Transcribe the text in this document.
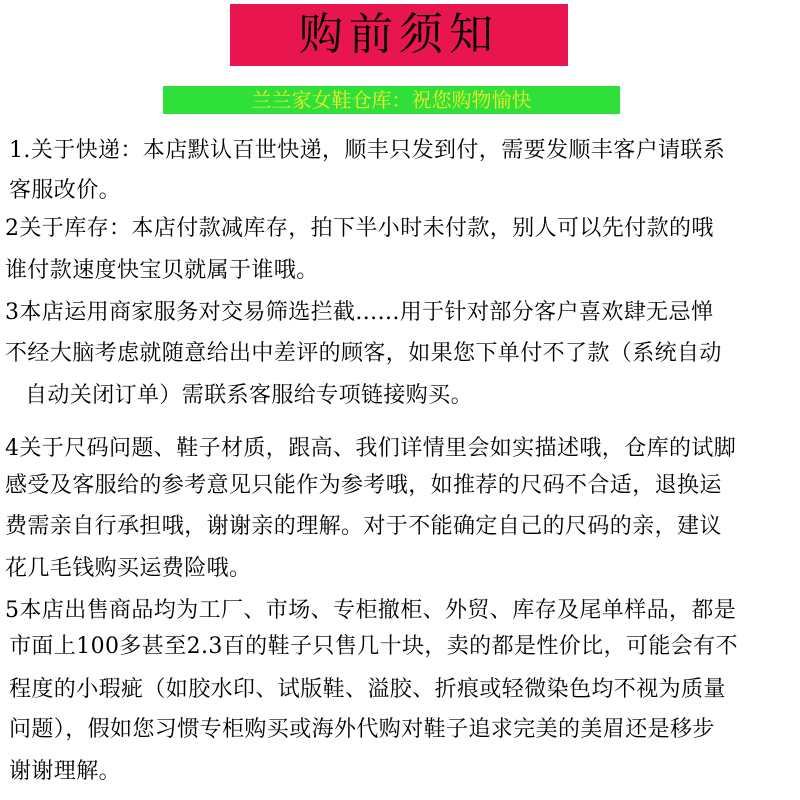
购前须知
兰兰家女鞋仓库：祝您购物愉快
1.关于快递：本店默认百世快递，顺丰只发到付，需要发顺丰客户请联系
客服改价。
2关于库存：本店付款减库存，拍下半小时未付款，别人可以先付款的哦
谁付款速度快宝贝就属于谁哦。
3本店运用商家服务对交易筛选拦截......用于针对部分客户喜欢肆无忌惮
不经大脑考虑就随意给出中差评的顾客，如果您下单付不了款（系统自动
自动关闭订单）需联系客服给专项链接购买。
4关于尺码问题、鞋子材质，跟高、我们详情里会如实描述哦，仓库的试脚
感受及客服给的参考意见只能作为参考哦，如推荐的尺码不合适，退换运
费需亲自行承担哦，谢谢亲的理解。对于不能确定自己的尺码的亲，建议
花几毛钱购买运费险哦。
5本店出售商品均为工厂、市场、专柜撤柜、外贸、库存及尾单样品，都是
市面上100多甚至2.3百的鞋子只售几十块，卖的都是性价比，可能会有不
程度的小瑕疵（如胶水印、试版鞋、溢胶、折痕或轻微染色均不视为质量
问题），假如您习惯专柜购买或海外代购对鞋子追求完美的美眉还是移步
谢谢理解。
